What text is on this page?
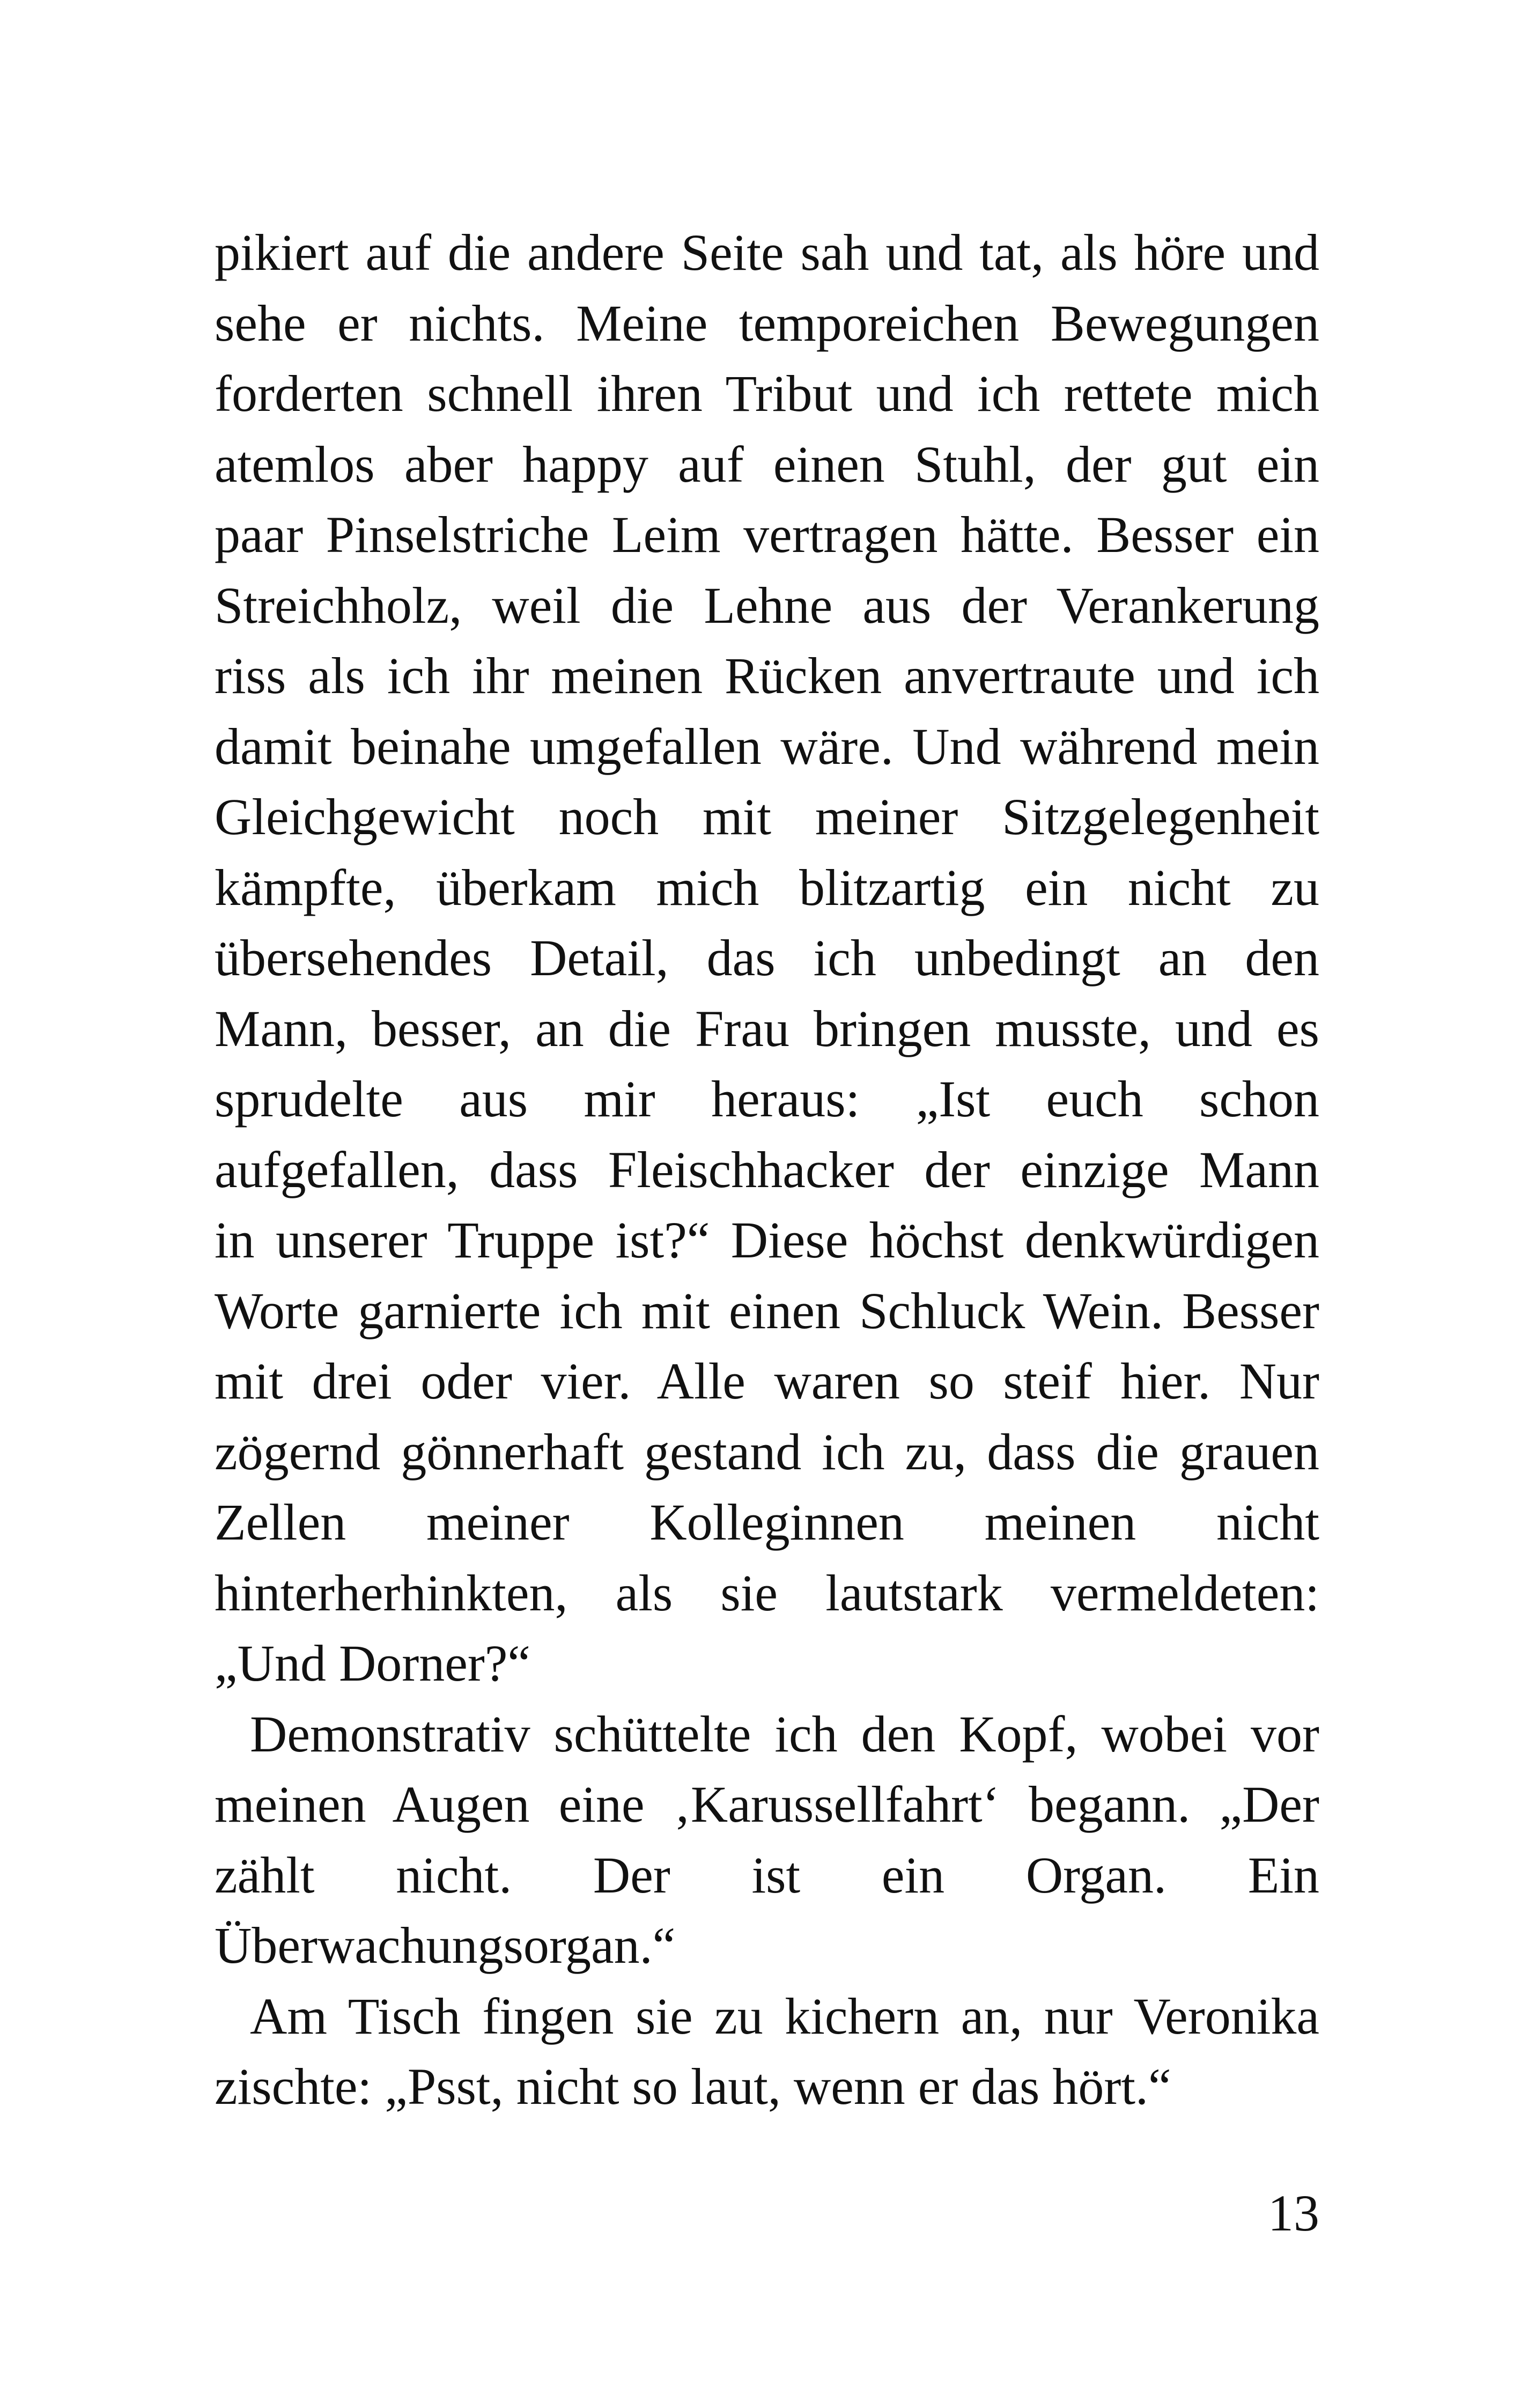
pikiert auf die andere Seite sah und tat, als höre und
sehe er nichts. Meine temporeichen Bewegungen
forderten schnell ihren Tribut und ich rettete mich
atemlos aber happy auf einen Stuhl, der gut ein
paar Pinselstriche Leim vertragen hätte. Besser ein
Streichholz, weil die Lehne aus der Verankerung
riss als ich ihr meinen Rücken anvertraute und ich
damit beinahe umgefallen wäre. Und während mein
Gleichgewicht noch mit meiner Sitzgelegenheit
kämpfte, überkam mich blitzartig ein nicht zu
übersehendes Detail, das ich unbedingt an den
Mann, besser, an die Frau bringen musste, und es
sprudelte aus mir heraus: „Ist euch schon
aufgefallen, dass Fleischhacker der einzige Mann
in unserer Truppe ist?“ Diese höchst denkwürdigen
Worte garnierte ich mit einen Schluck Wein. Besser
mit drei oder vier. Alle waren so steif hier. Nur
zögernd gönnerhaft gestand ich zu, dass die grauen
Zellen meiner Kolleginnen meinen nicht
hinterherhinkten, als sie lautstark vermeldeten:
„Und Dorner?“

Demonstrativ schüttelte ich den Kopf, wobei vor
meinen Augen eine ‚Karussellfahrt‘ begann. „Der
zählt nicht. Der ist ein Organ. Ein
Überwachungsorgan.“

Am Tisch fingen sie zu kichern an, nur Veronika
zischte: „Psst, nicht so laut, wenn er das hört.“

13
